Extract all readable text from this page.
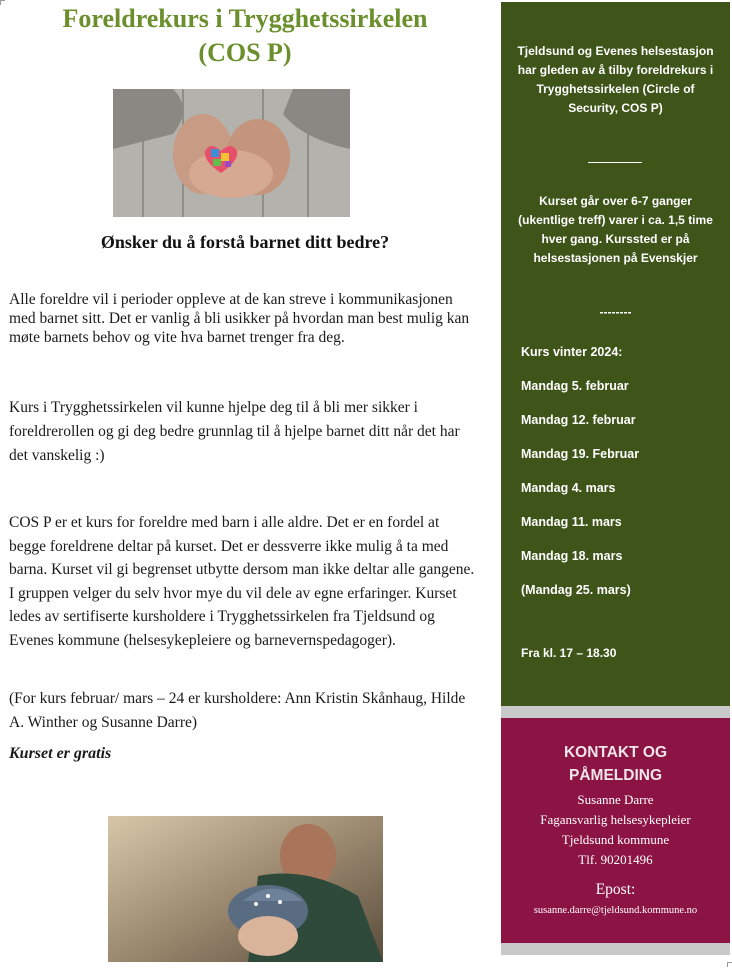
Foreldrekurs i Trygghetssirkelen
(COS P)
Ønsker du å forstå barnet ditt bedre?

Alle foreldre vil i perioder oppleve at de kan streve i kommunikasjonen med barnet sitt. Det er vanlig å bli usikker på hvordan man best mulig kan møte barnets behov og vite hva barnet trenger fra deg.

Kurs i Trygghetssirkelen vil kunne hjelpe deg til å bli mer sikker i foreldrerollen og gi deg bedre grunnlag til å hjelpe barnet ditt når det har det vanskelig :)

COS P er et kurs for foreldre med barn i alle aldre. Det er en fordel at begge foreldrene deltar på kurset. Det er dessverre ikke mulig å ta med barna. Kurset vil gi begrenset utbytte dersom man ikke deltar alle gangene. I gruppen velger du selv hvor mye du vil dele av egne erfaringer. Kurset ledes av sertifiserte kursholdere i Trygghetssirkelen fra Tjeldsund og Evenes kommune (helsesykepleiere og barnevernspedagoger).

(For kurs februar/ mars – 24 er kursholdere: Ann Kristin Skånhaug, Hilde A. Winther og Susanne Darre)

Kurset er gratis
Tjeldsund og Evenes helsestasjon har gleden av å tilby foreldrekurs i Trygghetssirkelen (Circle of Security, COS P)
Kurset går over 6-7 ganger (ukentlige treff) varer i ca. 1,5 time hver gang. Kurssted er på helsestasjonen på Evenskjer
--------
Kurs vinter 2024:
Mandag 5. februar
Mandag 12. februar
Mandag 19. Februar
Mandag 4. mars
Mandag 11. mars
Mandag 18. mars
(Mandag 25. mars)
Fra kl. 17 – 18.30
KONTAKT OG
PÅMELDING
Susanne Darre
Fagansvarlig helsesykepleier
Tjeldsund kommune
Tlf. 90201496
Epost:
susanne.darre@tjeldsund.kommune.no
